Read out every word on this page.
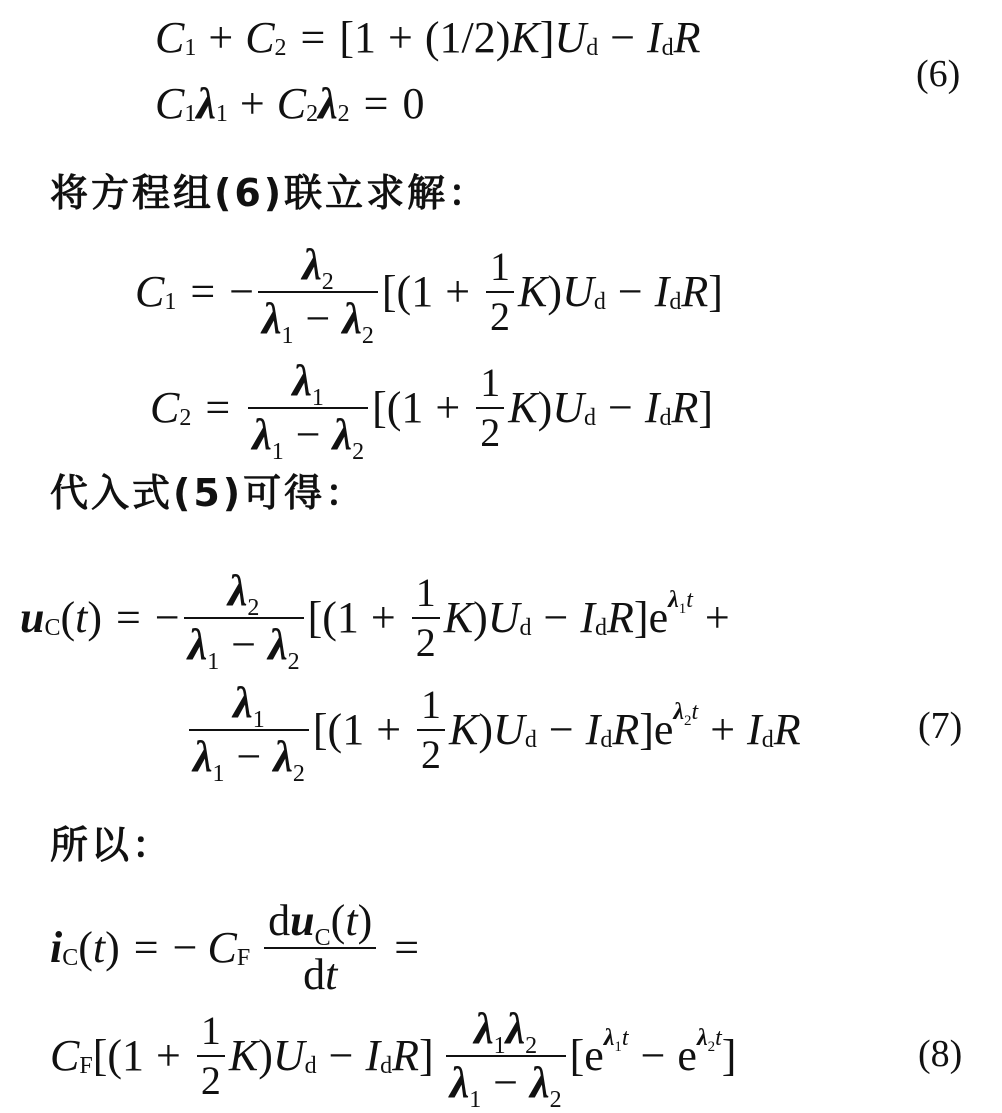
C 1 + C 2 = [ 1 + (1/2) K ] U d − I d R
(6)
C 1 λ 1 + C 2 λ 2 = 0
将方程组(6)联立求解：
C 1 = − $\frac{\lambda 2}{\lambda 1 - \lambda 2}$ [( $1 + \frac{1}{2}$ K ) U d − I d R ]
C $2 = \frac{\lambda 1}{\lambda 1 - \lambda 2}$ [( $1 + \frac{1}{2}$ K ) U d − I d R ]
代入式(5)可得：
u C ( t ) = − $\frac{\lambda 2}{\lambda 1 - \lambda 2}$ [( $1 + \frac{1}{2}$ K ) U d − I d R ] e λ 1 t +
$\frac{\lambda 1}{\lambda 1 - \lambda 2}$ [( $1 + \frac{1}{2}$ K ) U d − I d R ] e λ 2 t + I d R	(7)
所以：
i C ( t ) = − C F $\frac{\text{d u C ( t )}}{\text{d t}}$ =
C F [( $1 + \frac{1}{2}$ K ) U d − I d R ] $\frac{\lambda 1 \lambda 2}{\lambda 1 - \lambda 2}$ [ e λ 1 t − e λ 2 t ]	(8)
